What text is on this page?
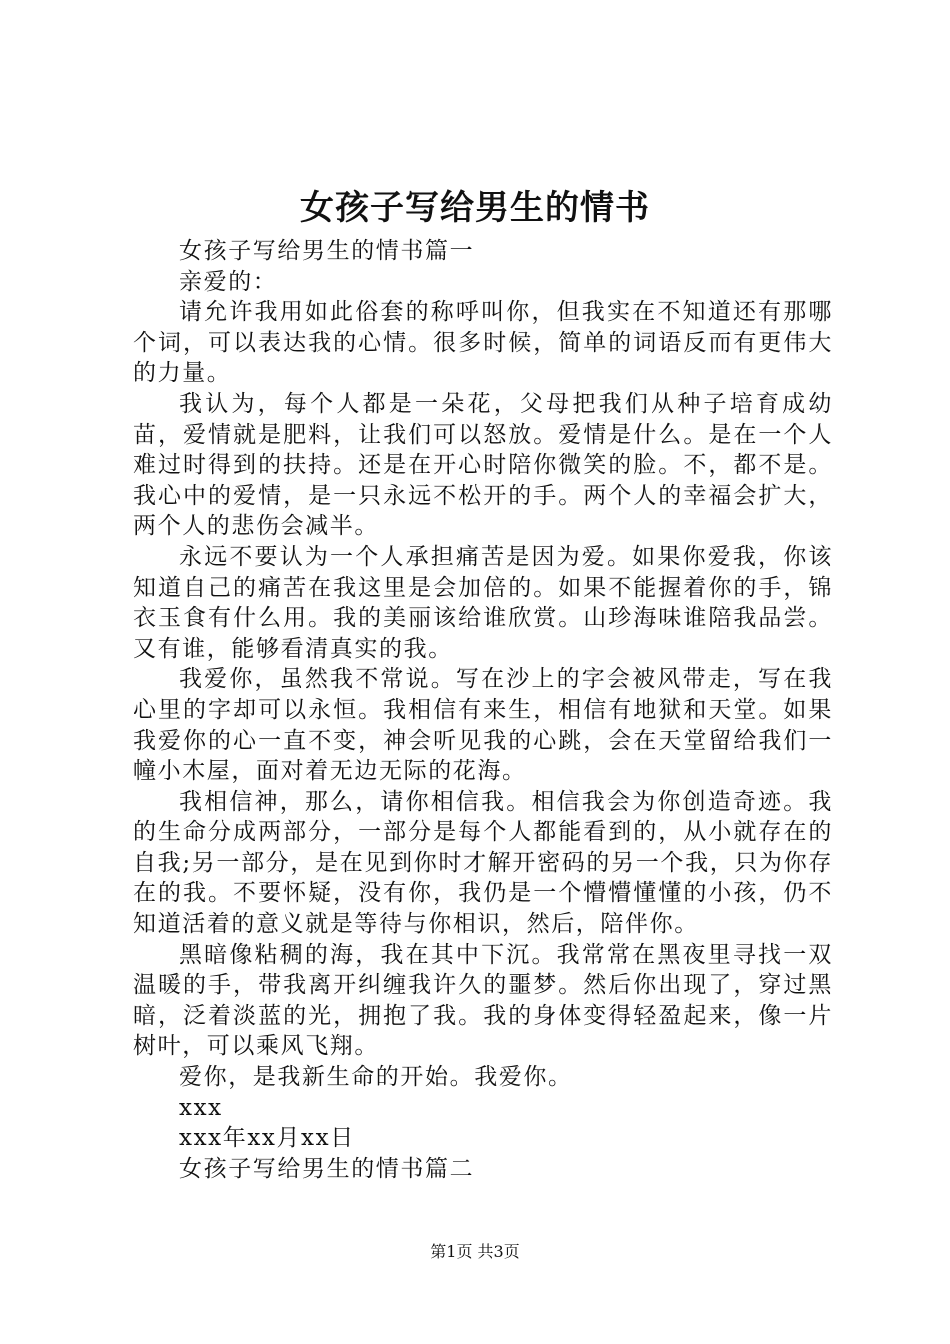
女孩子写给男生的情书

女孩子写给男生的情书篇一

亲爱的：

请允许我用如此俗套的称呼叫你，但我实在不知道还有那哪个词，可以表达我的心情。很多时候，简单的词语反而有更伟大的力量。

我认为，每个人都是一朵花，父母把我们从种子培育成幼苗，爱情就是肥料，让我们可以怒放。爱情是什么。是在一个人难过时得到的扶持。还是在开心时陪你微笑的脸。不，都不是。我心中的爱情，是一只永远不松开的手。两个人的幸福会扩大，两个人的悲伤会减半。

永远不要认为一个人承担痛苦是因为爱。如果你爱我，你该知道自己的痛苦在我这里是会加倍的。如果不能握着你的手，锦衣玉食有什么用。我的美丽该给谁欣赏。山珍海味谁陪我品尝。又有谁，能够看清真实的我。

我爱你，虽然我不常说。写在沙上的字会被风带走，写在我心里的字却可以永恒。我相信有来生，相信有地狱和天堂。如果我爱你的心一直不变，神会听见我的心跳，会在天堂留给我们一幢小木屋，面对着无边无际的花海。

我相信神，那么，请你相信我。相信我会为你创造奇迹。我的生命分成两部分，一部分是每个人都能看到的，从小就存在的自我;另一部分，是在见到你时才解开密码的另一个我，只为你存在的我。不要怀疑，没有你，我仍是一个懵懵懂懂的小孩，仍不知道活着的意义就是等待与你相识，然后，陪伴你。

黑暗像粘稠的海，我在其中下沉。我常常在黑夜里寻找一双温暖的手，带我离开纠缠我许久的噩梦。然后你出现了，穿过黑暗，泛着淡蓝的光，拥抱了我。我的身体变得轻盈起来，像一片树叶，可以乘风飞翔。

爱你，是我新生命的开始。我爱你。

xxx

xxx年xx月xx日

女孩子写给男生的情书篇二

第1页 共3页
